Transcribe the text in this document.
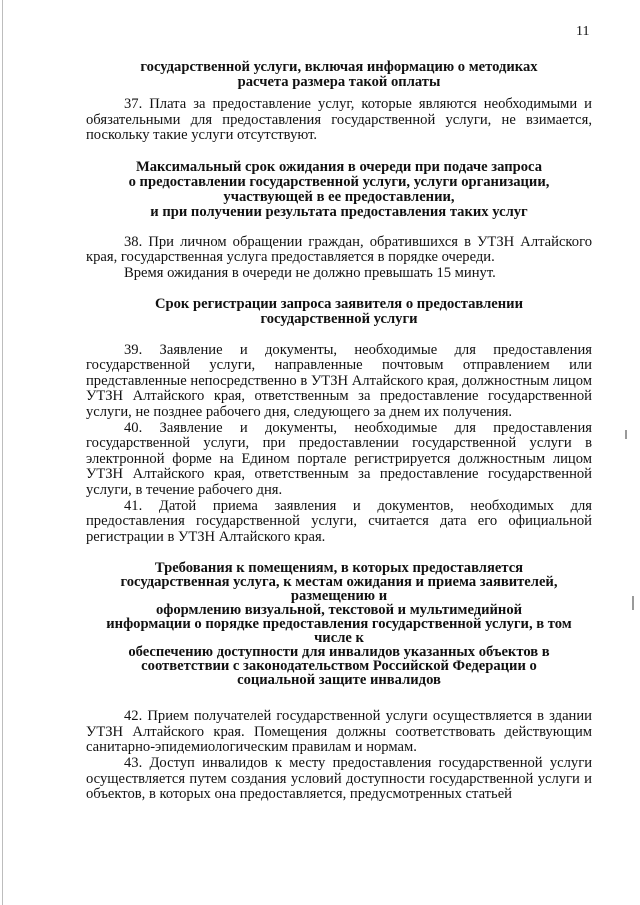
11
государственной услуги, включая информацию о методиках
расчета размера такой оплаты

37. Плата за предоставление услуг, которые являются необходимыми и обязательными для предоставления государственной услуги, не взимается, поскольку такие услуги отсутствуют.

Максимальный срок ожидания в очереди при подаче запроса
о предоставлении государственной услуги, услуги организации,
участвующей в ее предоставлении,
и при получении результата предоставления таких услуг

38. При личном обращении граждан, обратившихся в УТЗН Алтайского края, государственная услуга предоставляется в порядке очереди.

Время ожидания в очереди не должно превышать 15 минут.

Срок регистрации запроса заявителя о предоставлении
государственной услуги

39. Заявление и документы, необходимые для предоставления государственной услуги, направленные почтовым отправлением или представленные непосредственно в УТЗН Алтайского края, должностным лицом УТЗН Алтайского края, ответственным за предоставление государственной услуги, не позднее рабочего дня, следующего за днем их получения.

40. Заявление и документы, необходимые для предоставления государственной услуги, при предоставлении государственной услуги в электронной форме на Едином портале регистрируется должностным лицом УТЗН Алтайского края, ответственным за предоставление государственной услуги, в течение рабочего дня.

41. Датой приема заявления и документов, необходимых для предоставления государственной услуги, считается дата его официальной регистрации в УТЗН Алтайского края.

Требования к помещениям, в которых предоставляется
государственная услуга, к местам ожидания и приема заявителей,
размещению и
оформлению визуальной, текстовой и мультимедийной
информации о порядке предоставления государственной услуги, в том
числе к
обеспечению доступности для инвалидов указанных объектов в
соответствии с законодательством Российской Федерации о
социальной защите инвалидов

42. Прием получателей государственной услуги осуществляется в здании УТЗН Алтайского края. Помещения должны соответствовать действующим санитарно-эпидемиологическим правилам и нормам.

43. Доступ инвалидов к месту предоставления государственной услуги осуществляется путем создания условий доступности государственной услуги и объектов, в которых она предоставляется, предусмотренных статьей
